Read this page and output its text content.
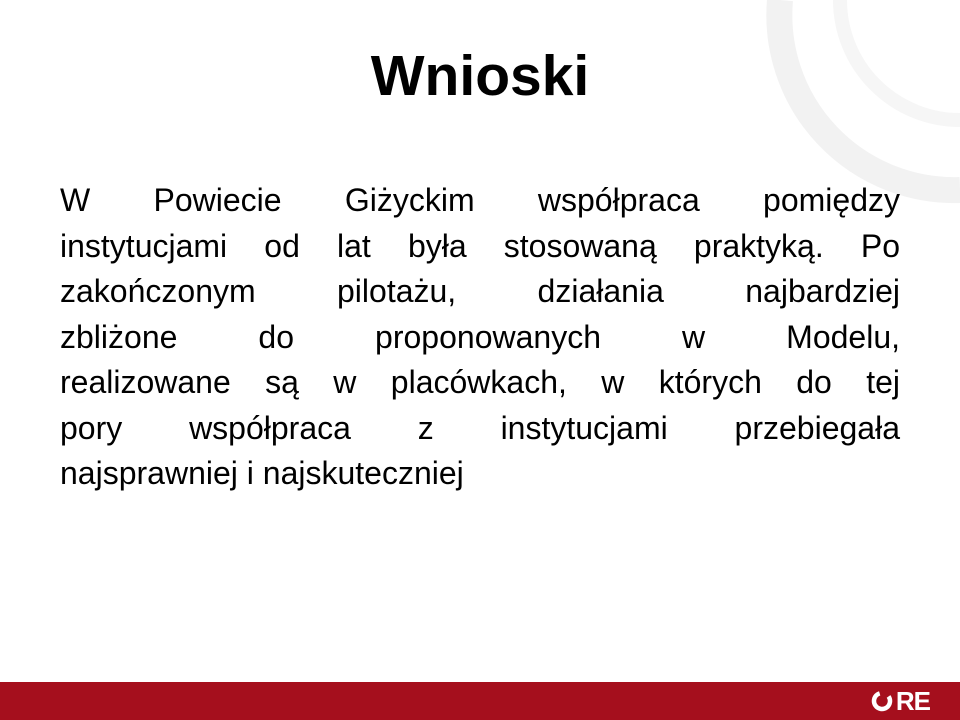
Wnioski
W Powiecie Giżyckim współpraca pomiędzy
instytucjami od lat była stosowaną praktyką. Po
zakończonym pilotażu, działania najbardziej
zbliżone do proponowanych w Modelu,
realizowane są w placówkach, w których do tej
pory współpraca z instytucjami przebiegała
najsprawniej i najskuteczniej
RE
